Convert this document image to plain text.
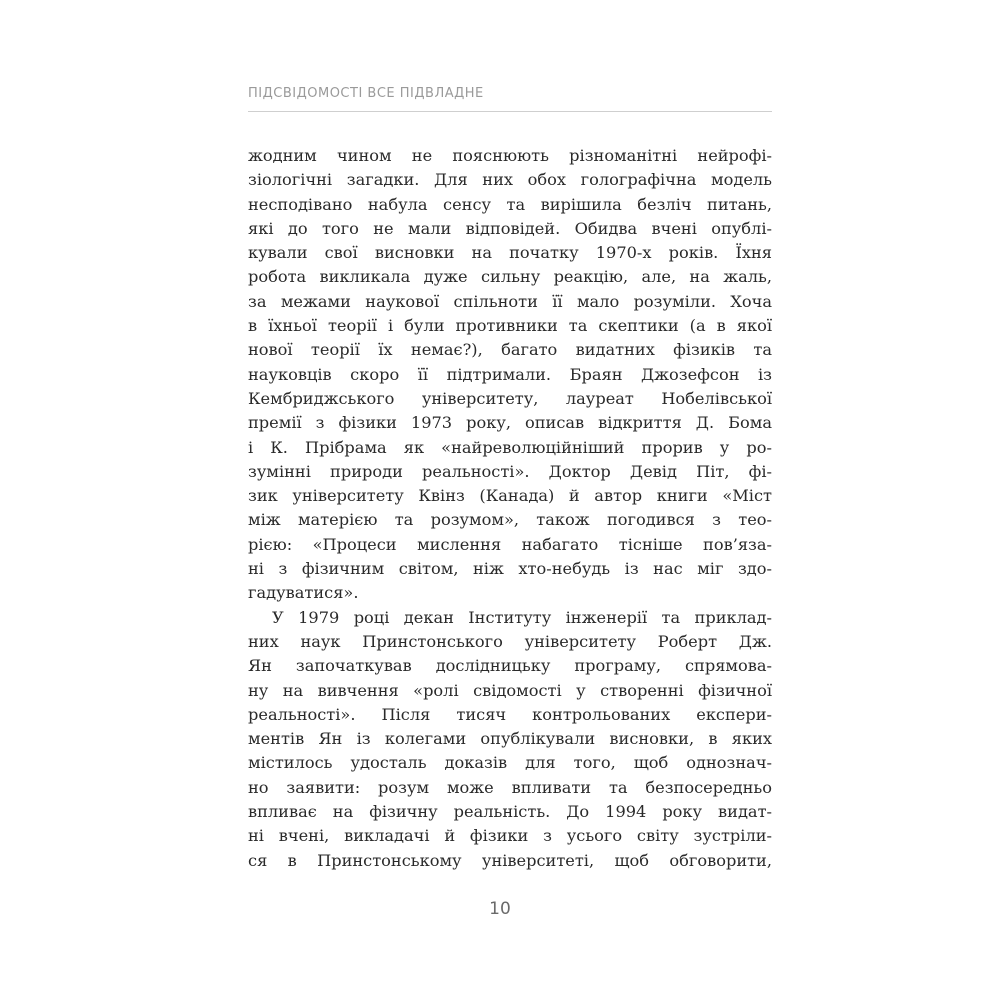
ПІДСВІДОМОСТІ ВСЕ ПІДВЛАДНЕ
жодним чином не пояснюють різноманітні нейрофі-
зіологічні загадки. Для них обох голографічна модель
несподівано набула сенсу та вирішила безліч питань,
які до того не мали відповідей. Обидва вчені опублі-
кували свої висновки на початку 1970-х років. Їхня
робота викликала дуже сильну реакцію, але, на жаль,
за межами наукової спільноти її мало розуміли. Хоча
в їхньої теорії і були противники та скептики (а в якої
нової теорії їх немає?), багато видатних фізиків та
науковців скоро її підтримали. Браян Джозефсон із
Кембриджського університету, лауреат Нобелівської
премії з фізики 1973 року, описав відкриття Д. Бома
і К. Прібрама як «найреволюційніший прорив у ро-
зумінні природи реальності». Доктор Девід Піт, фі-
зик університету Квінз (Канада) й автор книги «Міст
між матерією та розумом», також погодився з тео-
рією: «Процеси мислення набагато тісніше пов’язa-
ні з фізичним світом, ніж хто-небудь із нас міг здо-
гадуватися».
У 1979 році декан Інституту інженерії та приклад-
них наук Принстонського університету Роберт Дж.
Ян започаткував дослідницьку програму, спрямова-
ну на вивчення «ролі свідомості у створенні фізичної
реальності». Після тисяч контрольованих експери-
ментів Ян із колегами опублікували висновки, в яких
містилось удосталь доказів для того, щоб однознач-
но заявити: розум може впливати та безпосередньо
впливає на фізичну реальність. До 1994 року видат-
ні вчені, викладачі й фізики з усього світу зустріли-
ся в Принстонському університеті, щоб обговорити,
10
